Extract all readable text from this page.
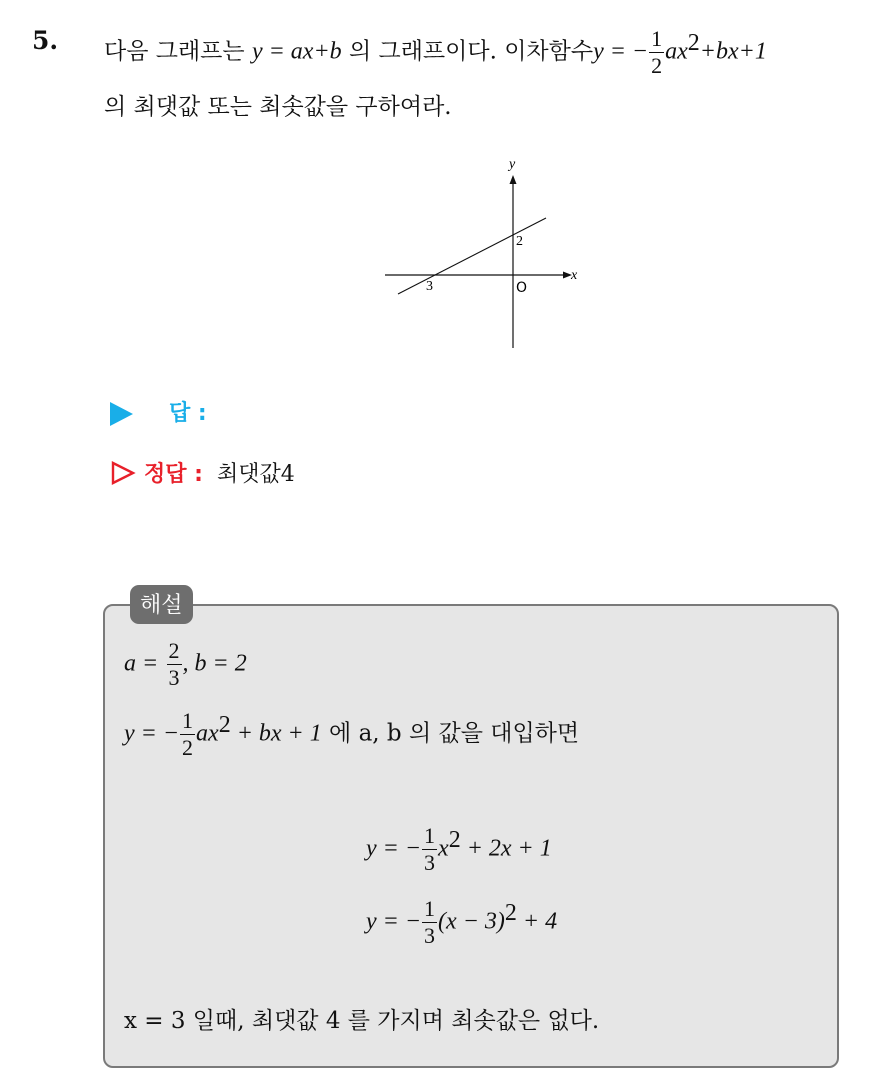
5. 다음 그래프는 y = ax+b 의 그래프이다. 이차함수y = − $\frac{1}{2} ax^2+bx+1$
의 최댓값 또는 최솟값을 구하여라.
y
x
O
3
2
답 :
정답 : 최댓값4
해설
$a = \frac{2}{3}$ , b = 2
y = − $\frac{1}{2} ax^2$ + bx + 1 에 a, b 의 값을 대입하면
y = − $\frac{1}{3} x^2 + 2x + 1$
y = − $\frac{1}{3} (x - 3)^2 + 4$
x = 3 일때, 최댓값 4 를 가지며 최솟값은 없다.
